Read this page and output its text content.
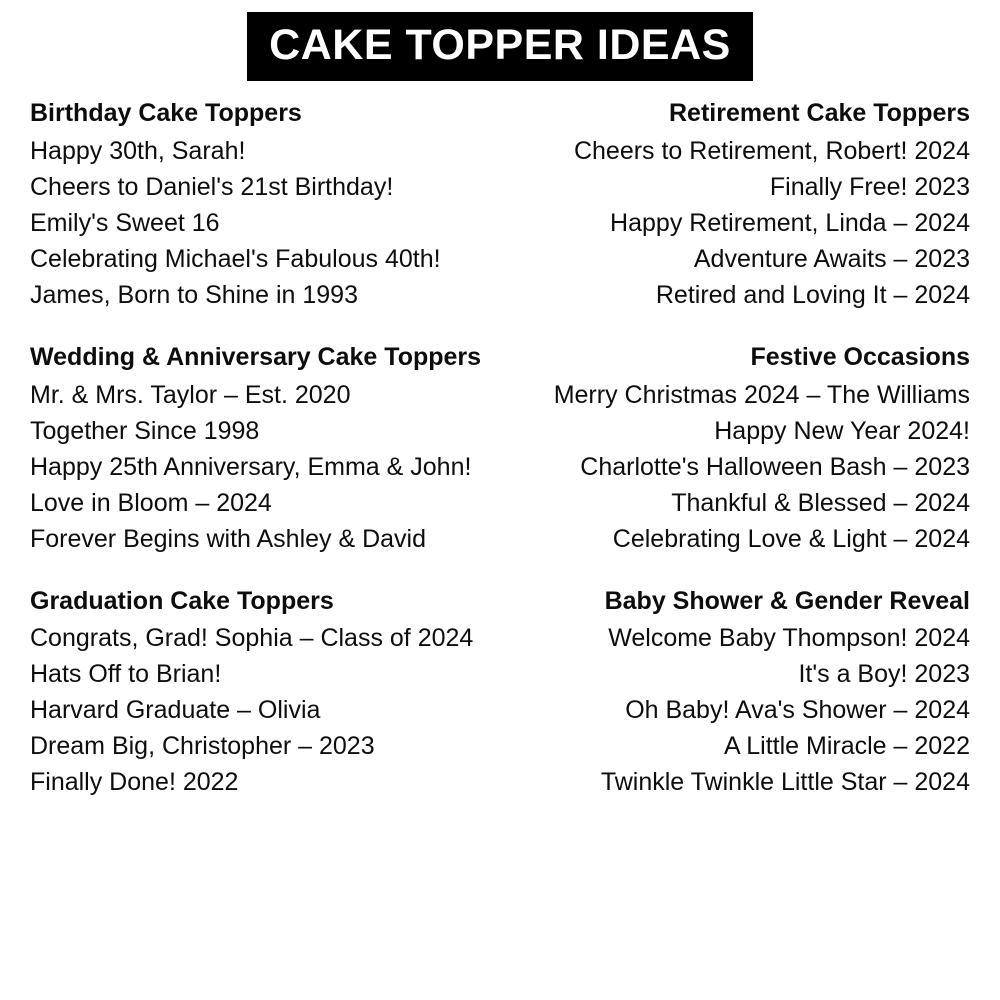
CAKE TOPPER IDEAS
Birthday Cake Toppers
Happy 30th, Sarah!
Cheers to Daniel's 21st Birthday!
Emily's Sweet 16
Celebrating Michael's Fabulous 40th!
James, Born to Shine in 1993
Wedding & Anniversary Cake Toppers
Mr. & Mrs. Taylor – Est. 2020
Together Since 1998
Happy 25th Anniversary, Emma & John!
Love in Bloom – 2024
Forever Begins with Ashley & David
Graduation Cake Toppers
Congrats, Grad! Sophia – Class of 2024
Hats Off to Brian!
Harvard Graduate – Olivia
Dream Big, Christopher – 2023
Finally Done! 2022
Retirement Cake Toppers
Cheers to Retirement, Robert! 2024
Finally Free! 2023
Happy Retirement, Linda – 2024
Adventure Awaits – 2023
Retired and Loving It – 2024
Festive Occasions
Merry Christmas 2024 – The Williams
Happy New Year 2024!
Charlotte's Halloween Bash – 2023
Thankful & Blessed – 2024
Celebrating Love & Light – 2024
Baby Shower & Gender Reveal
Welcome Baby Thompson! 2024
It's a Boy! 2023
Oh Baby! Ava's Shower – 2024
A Little Miracle – 2022
Twinkle Twinkle Little Star – 2024
